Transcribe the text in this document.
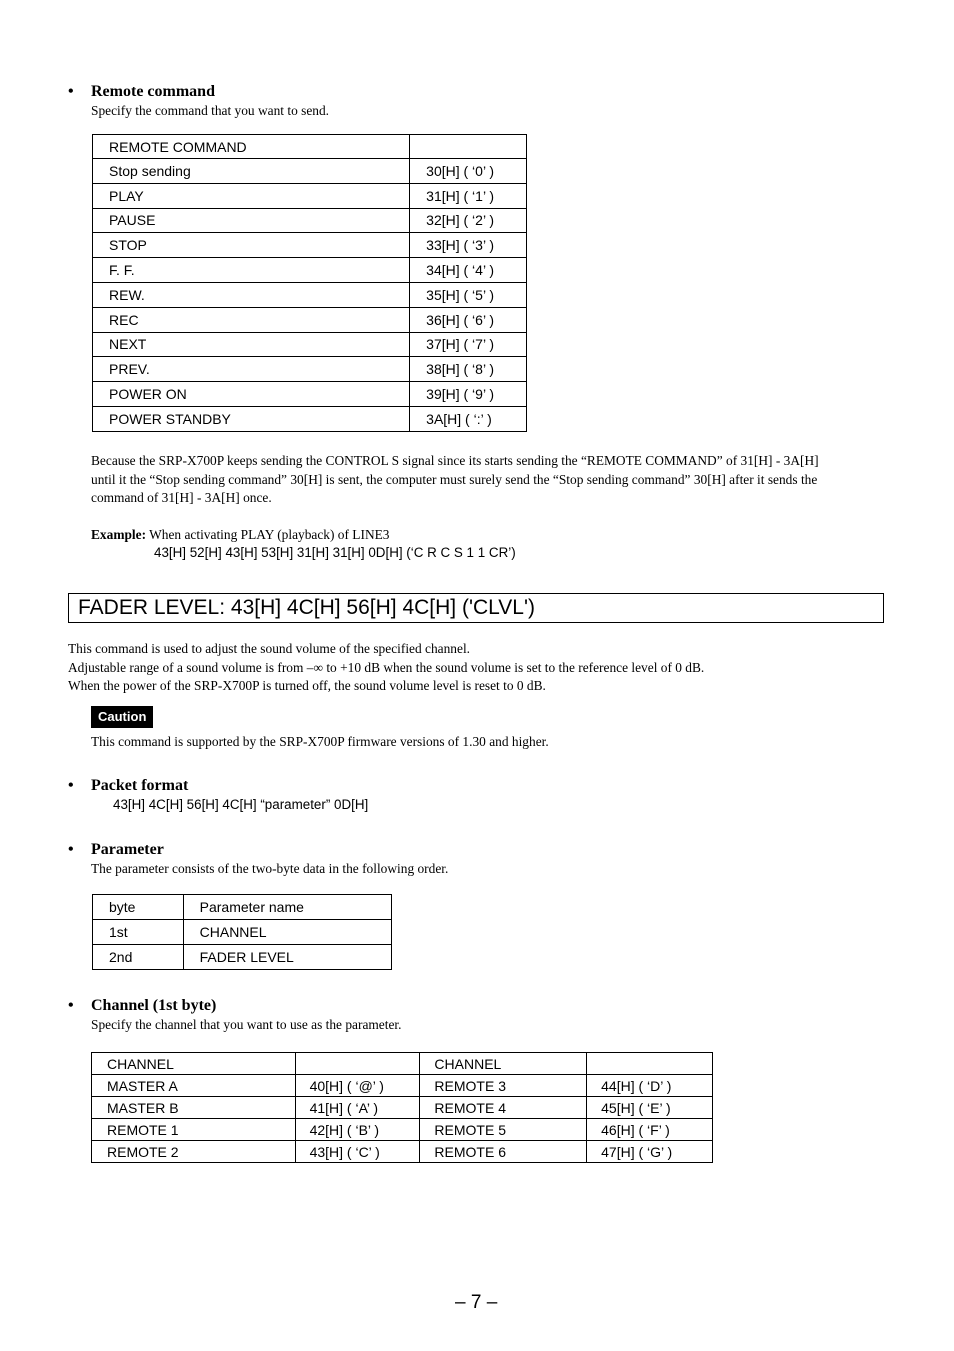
• Remote command
Specify the command that you want to send.
REMOTE COMMAND	
Stop sending	30[H] ( ‘0’ )
PLAY	31[H] ( ‘1’ )
PAUSE	32[H] ( ‘2’ )
STOP	33[H] ( ‘3’ )
F. F.	34[H] ( ‘4’ )
REW.	35[H] ( ‘5’ )
REC	36[H] ( ‘6’ )
NEXT	37[H] ( ‘7’ )
PREV.	38[H] ( ‘8’ )
POWER ON	39[H] ( ‘9’ )
POWER STANDBY	3A[H] ( ‘:’ )
Because the SRP-X700P keeps sending the CONTROL S signal since its starts sending the “REMOTE COMMAND” of 31[H] - 3A[H]
until it the “Stop sending command” 30[H] is sent, the computer must surely send the “Stop sending command” 30[H] after it sends the
command of 31[H] - 3A[H] once.
Example: When activating PLAY (playback) of LINE3
43[H] 52[H] 43[H] 53[H] 31[H] 31[H] 0D[H] (‘C R C S 1 1 CR’)
FADER LEVEL: 43[H] 4C[H] 56[H] 4C[H] ('CLVL')
This command is used to adjust the sound volume of the specified channel.
Adjustable range of a sound volume is from –∞ to +10 dB when the sound volume is set to the reference level of 0 dB.
When the power of the SRP-X700P is turned off, the sound volume level is reset to 0 dB.
Caution
This command is supported by the SRP-X700P firmware versions of 1.30 and higher.
• Packet format
43[H] 4C[H] 56[H] 4C[H] “parameter” 0D[H]
• Parameter
The parameter consists of the two-byte data in the following order.
byte	Parameter name
1st	CHANNEL
2nd	FADER LEVEL
• Channel (1st byte)
Specify the channel that you want to use as the parameter.
CHANNEL		CHANNEL	
MASTER A	40[H] ( ‘@’ )	REMOTE 3	44[H] ( ‘D’ )
MASTER B	41[H] ( ‘A’ )	REMOTE 4	45[H] ( ‘E’ )
REMOTE 1	42[H] ( ‘B’ )	REMOTE 5	46[H] ( ‘F’ )
REMOTE 2	43[H] ( ‘C’ )	REMOTE 6	47[H] ( ‘G’ )
– 7 –
